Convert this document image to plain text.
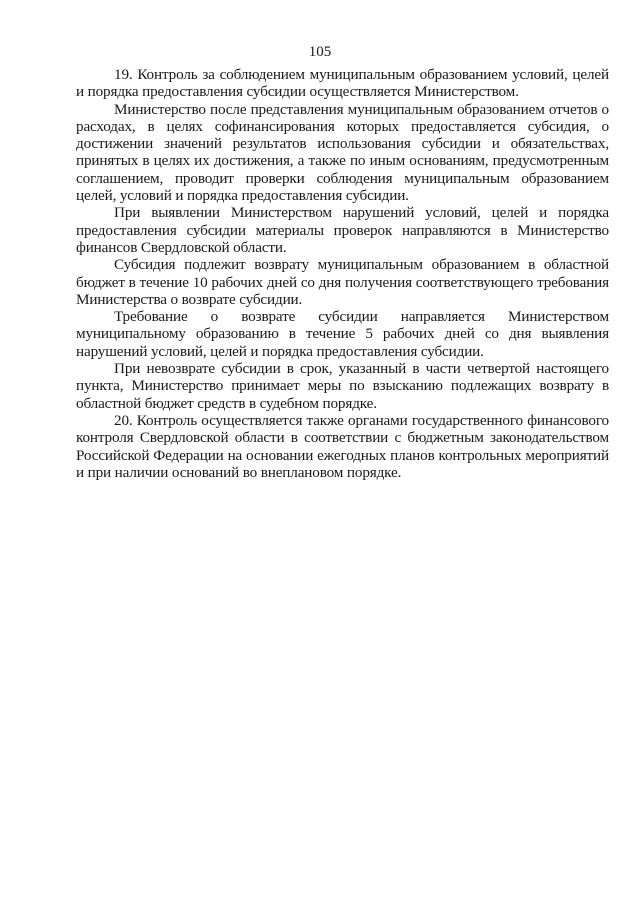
105

19. Контроль за соблюдением муниципальным образованием условий, целей и порядка предоставления субсидии осуществляется Министерством.

Министерство после представления муниципальным образованием отчетов о расходах, в целях софинансирования которых предоставляется субсидия, о достижении значений результатов использования субсидии и обязательствах, принятых в целях их достижения, а также по иным основаниям, предусмотренным соглашением, проводит проверки соблюдения муниципальным образованием целей, условий и порядка предоставления субсидии.

При выявлении Министерством нарушений условий, целей и порядка предоставления субсидии материалы проверок направляются в Министерство финансов Свердловской области.

Субсидия подлежит возврату муниципальным образованием в областной бюджет в течение 10 рабочих дней со дня получения соответствующего требования Министерства о возврате субсидии.

Требование о возврате субсидии направляется Министерством муниципальному образованию в течение 5 рабочих дней со дня выявления нарушений условий, целей и порядка предоставления субсидии.

При невозврате субсидии в срок, указанный в части четвертой настоящего пункта, Министерство принимает меры по взысканию подлежащих возврату в областной бюджет средств в судебном порядке.

20. Контроль осуществляется также органами государственного финансового контроля Свердловской области в соответствии с бюджетным законодательством Российской Федерации на основании ежегодных планов контрольных мероприятий и при наличии оснований во внеплановом порядке.
